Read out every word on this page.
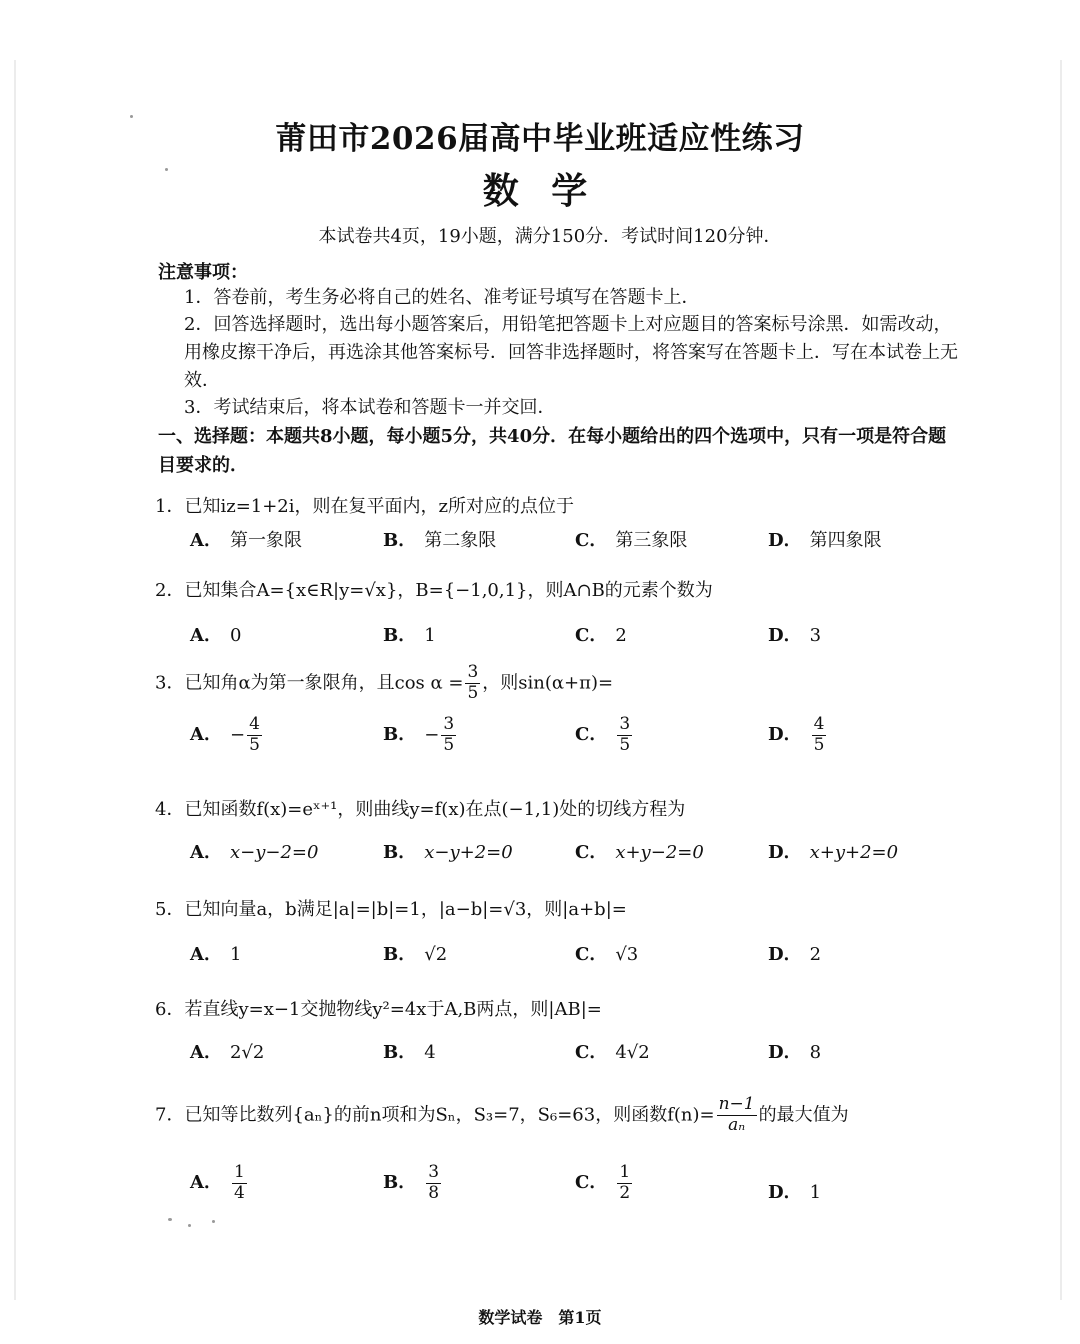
莆田市2026届高中毕业班适应性练习
数 学
本试卷共4页，19小题，满分150分．考试时间120分钟．
注意事项：
1．答卷前，考生务必将自己的姓名、准考证号填写在答题卡上．
2．回答选择题时，选出每小题答案后，用铅笔把答题卡上对应题目的答案标号涂黑．如需改动，用橡皮擦干净后，再选涂其他答案标号．回答非选择题时，将答案写在答题卡上．写在本试卷上无效．
3．考试结束后，将本试卷和答题卡一并交回．
一、选择题：本题共8小题，每小题5分，共40分．在每小题给出的四个选项中，只有一项是符合题目要求的．
1．已知iz=1+2i，则在复平面内，z所对应的点位于
A． 第一象限	B． 第二象限	C． 第三象限	D． 第四象限
2．已知集合A={x∈R|y=√x}，B={−1,0,1}，则A∩B的元素个数为
A． 0	B． 1	C． 2	D． 3
3．已知角α为第一象限角，且$\cos \alpha = \frac{3}{5}$ ，则sin(α+π)=
A． − $\frac{4}{5}$	B． − $\frac{3}{5}$	C． $\frac{3}{5}$	D． $\frac{4}{5}$
4．已知函数f(x)=eˣ⁺¹，则曲线y=f(x)在点(−1,1)处的切线方程为
A． x−y−2=0	B． x−y+2=0	C． x+y−2=0	D． x+y+2=0
5．已知向量a，b满足|a|=|b|=1，|a−b|=√3，则|a+b|=
A． 1	B． √2	C． √3	D． 2
6．若直线y=x−1交抛物线y²=4x于A,B两点，则|AB|=
A． 2√2	B． 4	C． 4√2	D． 8
7．已知等比数列{aₙ}的前n项和为Sₙ，S₃=7，S₆=63，则函数$f(n)= \frac{n-1}{\text{aₙ}}$ 的最大值为
A． $\frac{1}{4}$	B． $\frac{3}{8}$	C． $\frac{1}{2}$	D． 1
数学试卷　第1页
